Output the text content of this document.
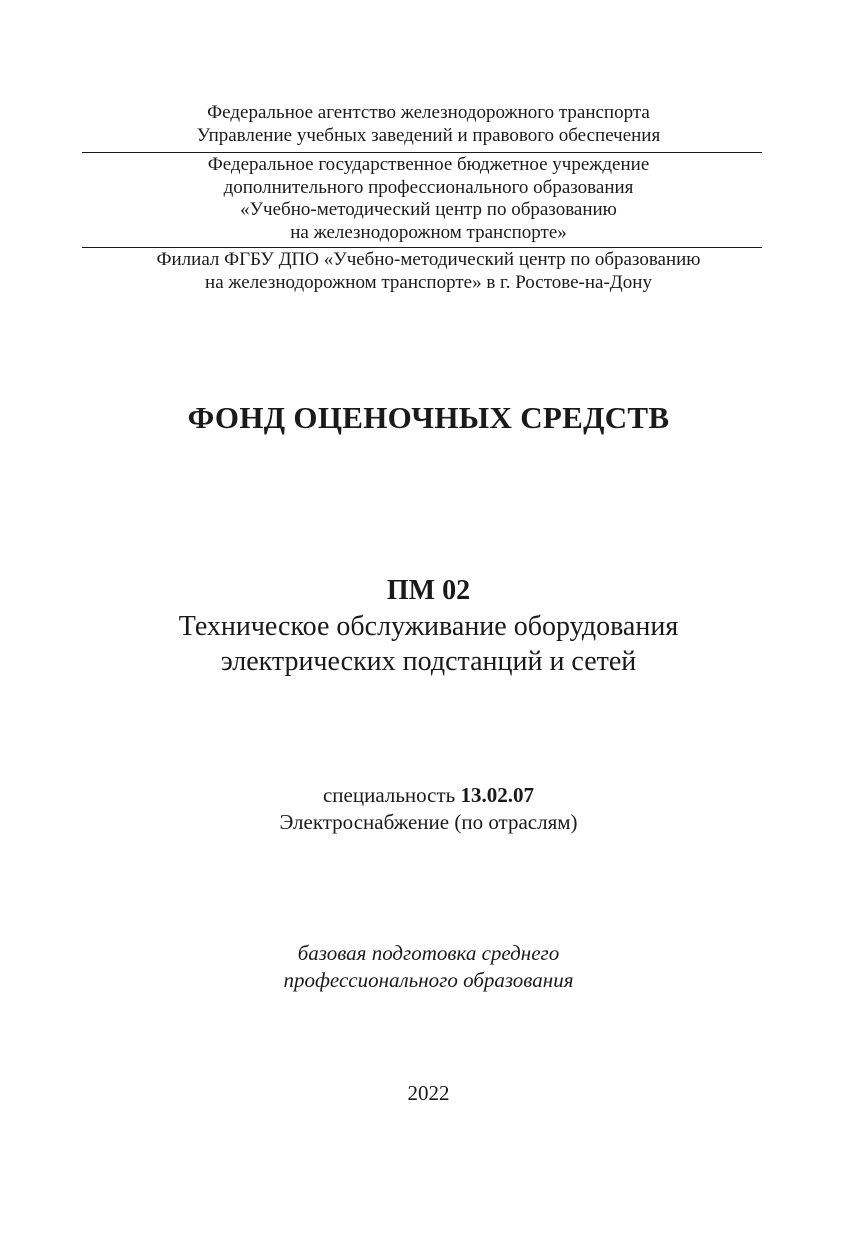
Федеральное агентство железнодорожного транспорта
Управление учебных заведений и правового обеспечения
Федеральное государственное бюджетное учреждение
дополнительного профессионального образования
«Учебно-методический центр по образованию
на железнодорожном транспорте»
Филиал ФГБУ ДПО «Учебно-методический центр по образованию
на железнодорожном транспорте» в г. Ростове-на-Дону
ФОНД ОЦЕНОЧНЫХ СРЕДСТВ
ПМ 02
Техническое обслуживание оборудования
электрических подстанций и сетей
специальность 13.02.07
Электроснабжение (по отраслям)
базовая подготовка среднего
профессионального образования
2022
